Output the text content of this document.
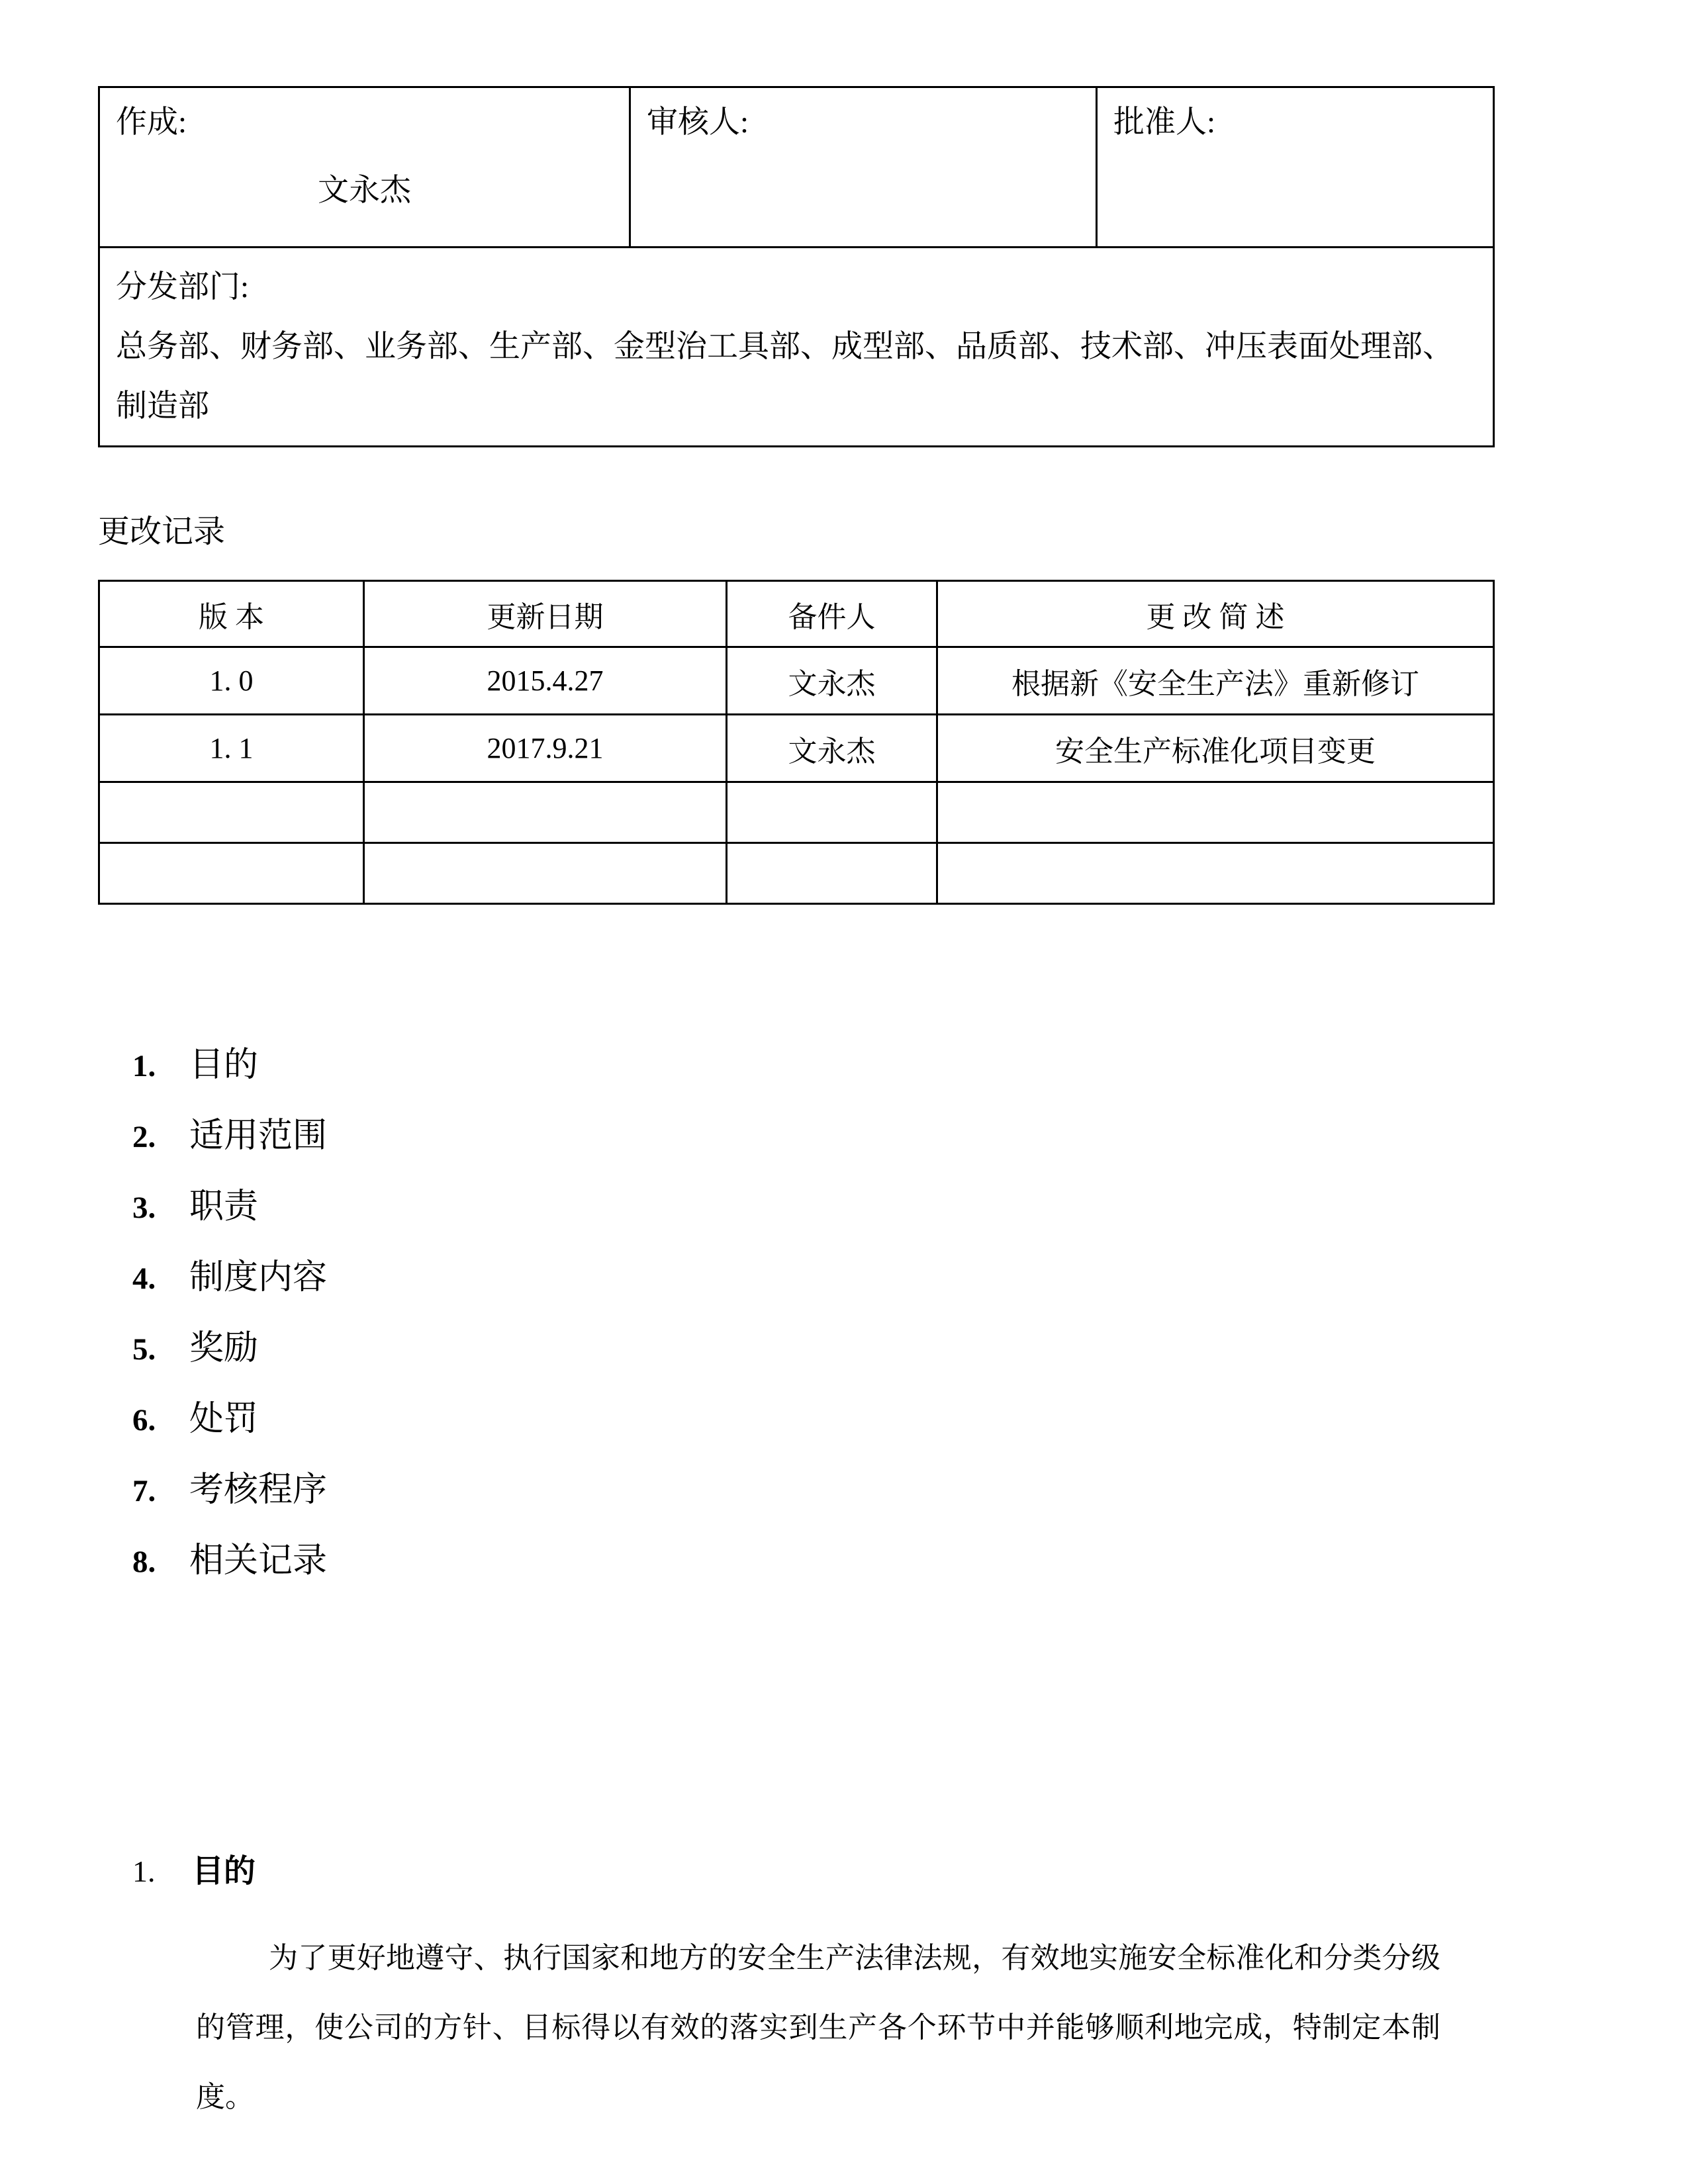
作成:
文永杰

审核人:	批准人:

分发部门:
总务部、财务部、业务部、生产部、金型治工具部、成型部、品质部、技术部、冲压表面处理部、
制造部
更改记录
版 本	更新日期	备件人	更 改 简 述
1. 0	2015.4.27	文永杰	根据新《安全生产法》重新修订
1. 1	2017.9.21	文永杰	安全生产标准化项目变更

1. 目的
2. 适用范围
3. 职责
4. 制度内容
5. 奖励
6. 处罚
7. 考核程序
8. 相关记录
1. 目的
为了更好地遵守、执行国家和地方的安全生产法律法规，有效地实施安全标准化和分类分级的管理，使公司的方针、目标得以有效的落实到生产各个环节中并能够顺利地完成，特制定本制度。
